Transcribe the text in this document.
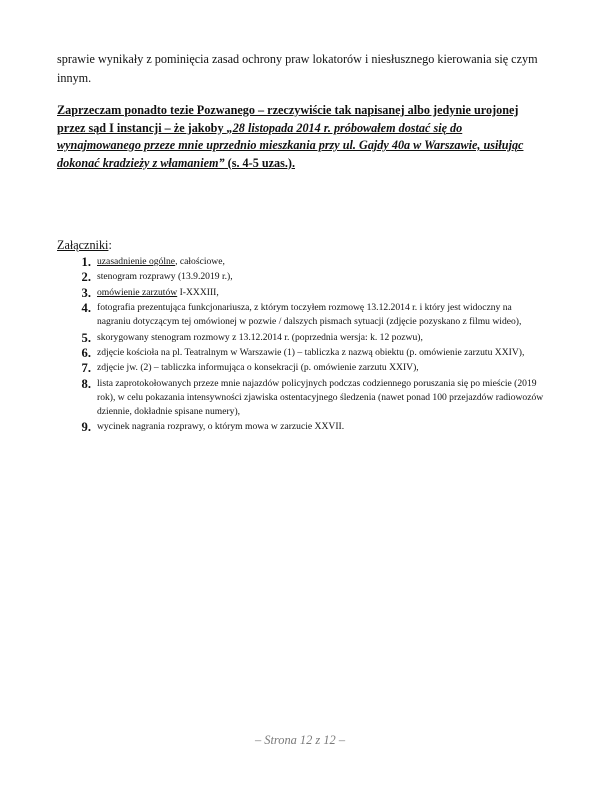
sprawie wynikały z pominięcia zasad ochrony praw lokatorów i niesłusznego kierowania się czym innym.
Zaprzeczam ponadto tezie Pozwanego – rzeczywiście tak napisanej albo jedynie urojonej przez sąd I instancji – że jakoby „28 listopada 2014 r. próbowałem dostać się do wynajmowanego przeze mnie uprzednio mieszkania przy ul. Gajdy 40a w Warszawie, usiłując dokonać kradzieży z włamaniem” (s. 4-5 uzas.).
Załączniki:
1. uzasadnienie ogólne, całościowe,
2. stenogram rozprawy (13.9.2019 r.),
3. omówienie zarzutów I-XXXIII,
4. fotografia prezentująca funkcjonariusza, z którym toczyłem rozmowę 13.12.2014 r. i który jest widoczny na nagraniu dotyczącym tej omówionej w pozwie / dalszych pismach sytuacji (zdjęcie pozyskano z filmu wideo),
5. skorygowany stenogram rozmowy z 13.12.2014 r. (poprzednia wersja: k. 12 pozwu),
6. zdjęcie kościoła na pl. Teatralnym w Warszawie (1) – tabliczka z nazwą obiektu (p. omówienie zarzutu XXIV),
7. zdjęcie jw. (2) – tabliczka informująca o konsekracji (p. omówienie zarzutu XXIV),
8. lista zaprotokołowanych przeze mnie najazdów policyjnych podczas codziennego poruszania się po mieście (2019 rok), w celu pokazania intensywności zjawiska ostentacyjnego śledzenia (nawet ponad 100 przejazdów radiowozów dziennie, dokładnie spisane numery),
9. wycinek nagrania rozprawy, o którym mowa w zarzucie XXVII.
– Strona 12 z 12 –
